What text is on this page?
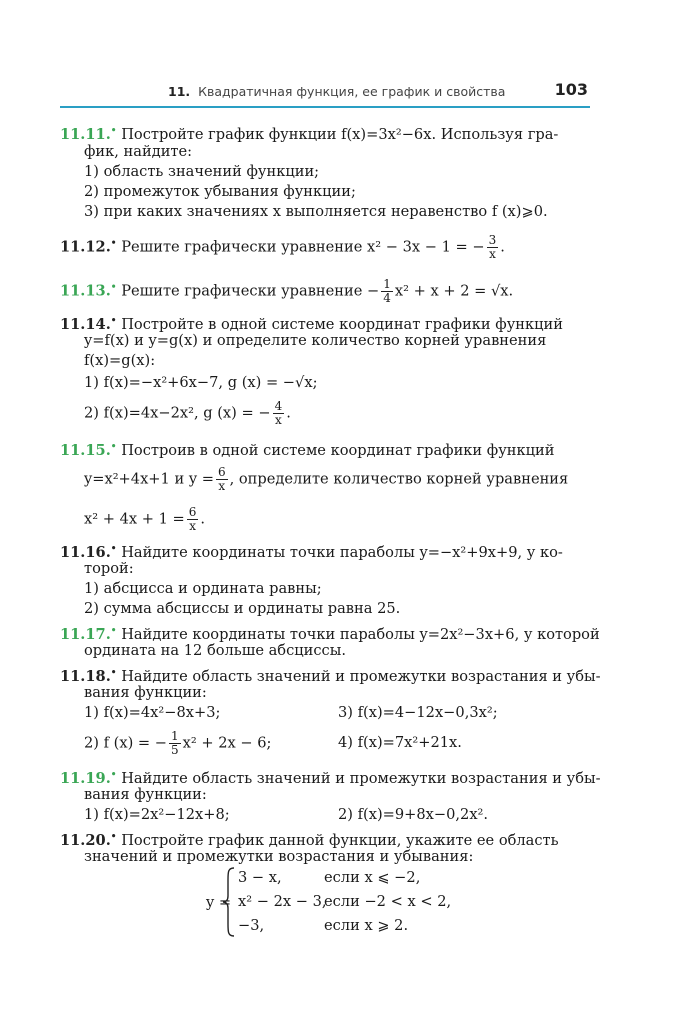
11. Квадратичная функция, ее график и свойства	103
11.11.• Постройте график функции f(x)=3x²−6x. Используя гра-
фик, найдите:
1) область значений функции;
2) промежуток убывания функции;
3) при каких значениях x выполняется неравенство f (x)⩾0.
11.12.• Решите графически уравнение x² − 3x − 1 = − $\frac{3}{x}$ .
11.13.• Решите графически уравнение − $\frac{1}{4} x^2 + x + 2 = √x$.
11.14.• Постройте в одной системе координат графики функций
y=f(x) и y=g(x) и определите количество корней уравнения
f(x)=g(x):
1) f(x)=−x²+6x−7, g (x) = −√x;
2) f(x)=4x−2x², g (x) = − $\frac{4}{x}$ .
11.15.• Построив в одной системе координат графики функций
y=x²+4x+1 и $y = \frac{6}{x}$ , определите количество корней уравнения
$x^2 + 4x + 1 = \frac{6}{x}$ .
11.16.• Найдите координаты точки параболы y=−x²+9x+9, у ко-
торой:
1) абсцисса и ордината равны;
2) сумма абсциссы и ординаты равна 25.
11.17.• Найдите координаты точки параболы y=2x²−3x+6, у которой
ордината на 12 больше абсциссы.
11.18.• Найдите область значений и промежутки возрастания и убы-
вания функции:
1) f(x)=4x²−8x+3;	3) f(x)=4−12x−0,3x²;
2) f (x) = − $\frac{1}{5} x^2 + 2x - 6$;	4) f(x)=7x²+21x.
11.19.• Найдите область значений и промежутки возрастания и убы-
вания функции:
1) f(x)=2x²−12x+8;	2) f(x)=9+8x−0,2x².
11.20.• Постройте график данной функции, укажите ее область
значений и промежутки возрастания и убывания:
y =
3 − x,	если x ⩽ −2,
x² − 2x − 3,
если −2 < x < 2,
−3,	если x ⩾ 2.
